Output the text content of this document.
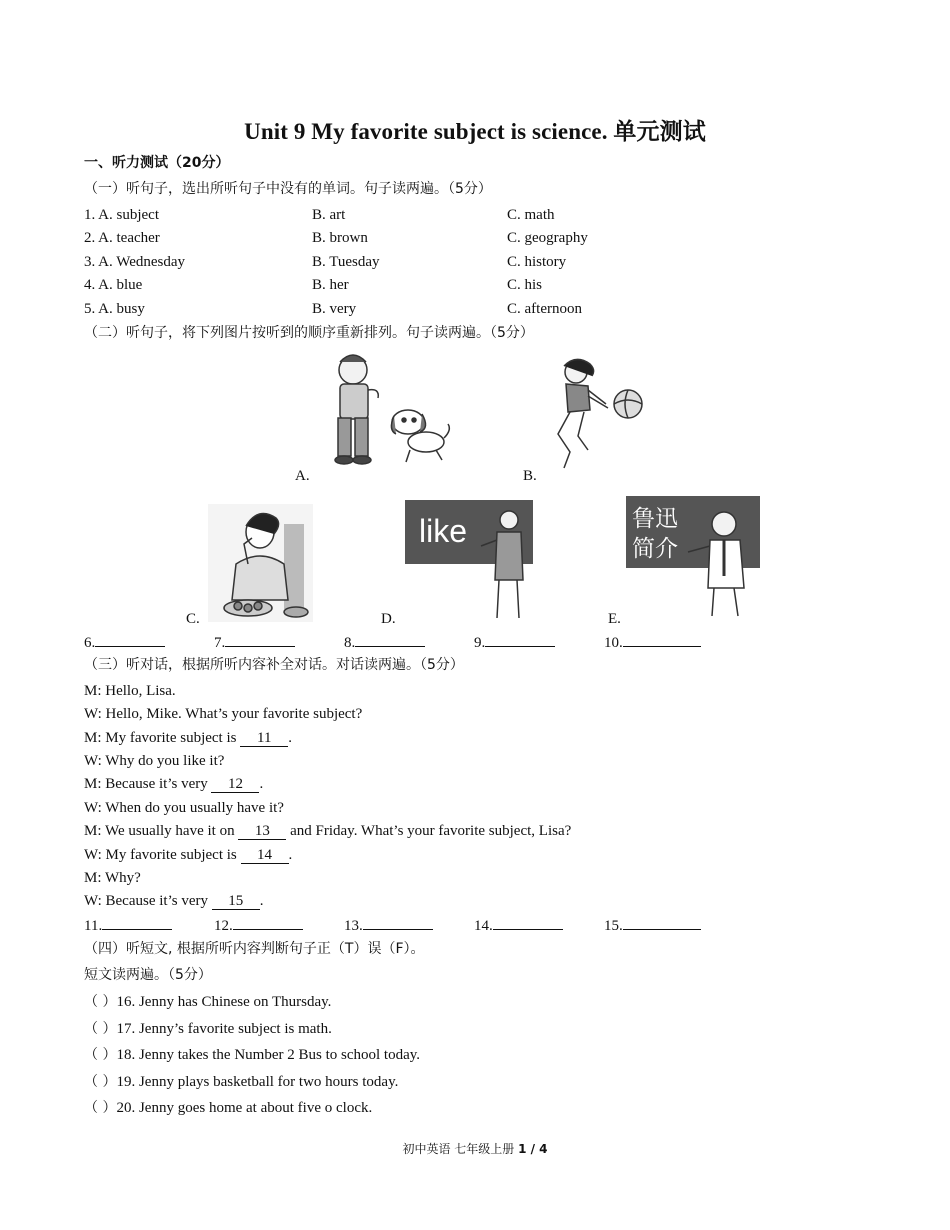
Unit 9 My favorite subject is science. 单元测试
一、听力测试（20分）
（一）听句子，选出所听句子中没有的单词。句子读两遍。（5分）
1. A. subject	B. art	C. math
2. A. teacher	B. brown	C. geography
3. A. Wednesday	B. Tuesday	C. history
4. A. blue	B. her	C. his
5. A. busy	B. very	C. afternoon
（二）听句子，将下列图片按听到的顺序重新排列。句子读两遍。（5分）
A.	B.
C.
like
D.
鲁迅
简介
E.
6.	7.	8.	9.	10.
（三）听对话，根据所听内容补全对话。对话读两遍。（5分）
M: Hello, Lisa.
W: Hello, Mike. What’s your favorite subject?
M: My favorite subject is 11 .
W: Why do you like it?
M: Because it’s very 12 .
W: When do you usually have it?
M: We usually have it on 13 and Friday. What’s your favorite subject, Lisa?
W: My favorite subject is 14 .
M: Why?
W: Because it’s very 15 .
11.	12.	13.	14.	15.
（四）听短文, 根据所听内容判断句子正（T）误（F）。
短文读两遍。（5分）
（ ）16. Jenny has Chinese on Thursday.
（ ）17. Jenny’s favorite subject is math.
（ ）18. Jenny takes the Number 2 Bus to school today.
（ ）19. Jenny plays basketball for two hours today.
（ ）20. Jenny goes home at about five o clock.
初中英语 七年级上册 1 / 4
